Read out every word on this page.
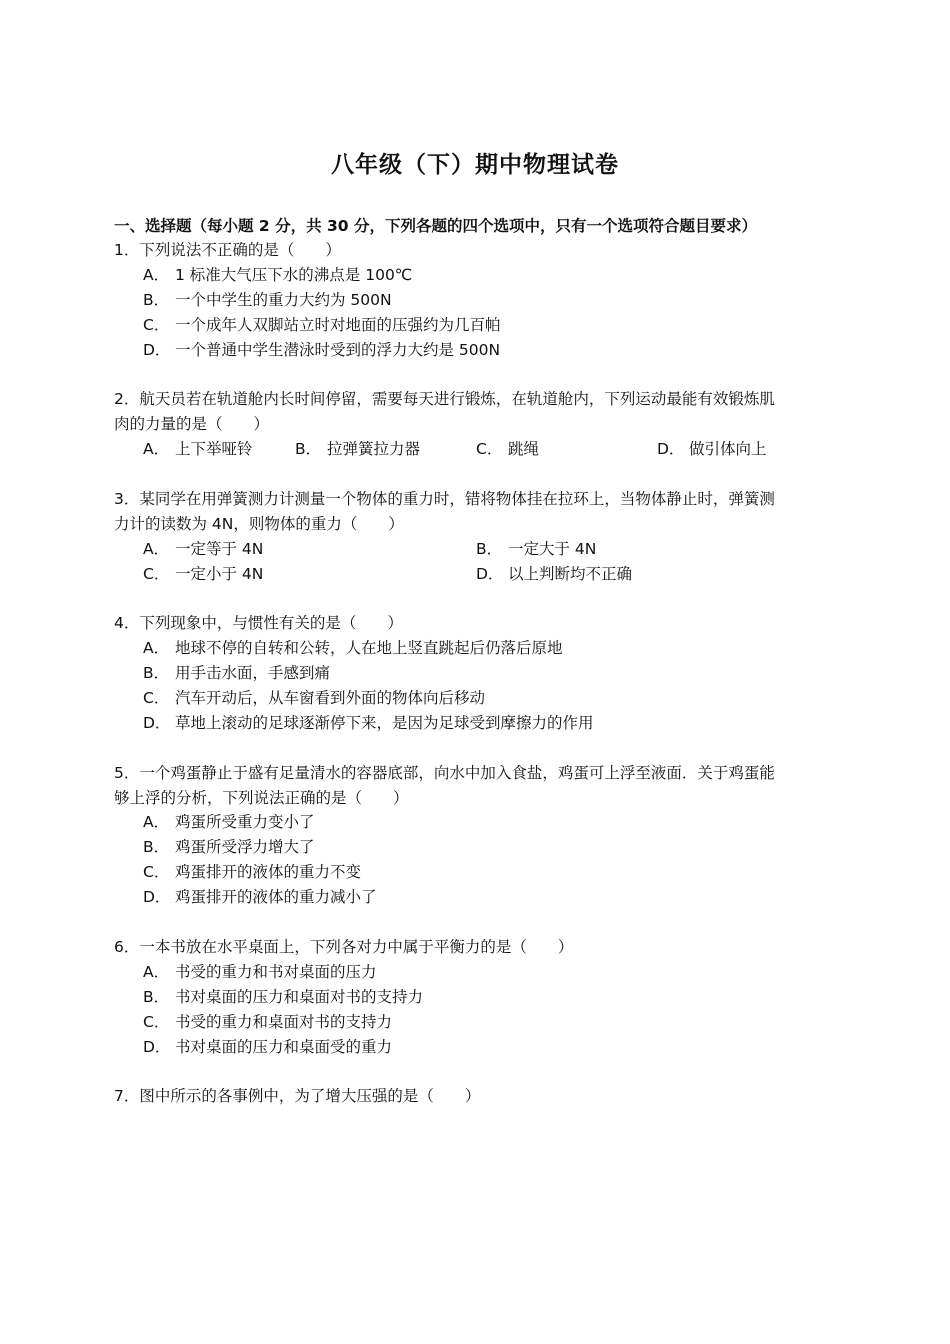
八年级（下）期中物理试卷
一、选择题（每小题 2 分，共 30 分，下列各题的四个选项中，只有一个选项符合题目要求）
1．下列说法不正确的是（　　）
A． 1 标准大气压下水的沸点是 100℃
B． 一个中学生的重力大约为 500N
C． 一个成年人双脚站立时对地面的压强约为几百帕
D． 一个普通中学生潜泳时受到的浮力大约是 500N
2．航天员若在轨道舱内长时间停留，需要每天进行锻炼，在轨道舱内，下列运动最能有效锻炼肌
肉的力量的是（　　）
A． 上下举哑铃	B． 拉弹簧拉力器	C． 跳绳	D． 做引体向上
3．某同学在用弹簧测力计测量一个物体的重力时，错将物体挂在拉环上，当物体静止时，弹簧测
力计的读数为 4N，则物体的重力（　　）
A． 一定等于 4N	B． 一定大于 4N
C． 一定小于 4N	D． 以上判断均不正确
4．下列现象中，与惯性有关的是（　　）
A． 地球不停的自转和公转，人在地上竖直跳起后仍落后原地
B． 用手击水面，手感到痛
C． 汽车开动后，从车窗看到外面的物体向后移动
D． 草地上滚动的足球逐渐停下来，是因为足球受到摩擦力的作用
5．一个鸡蛋静止于盛有足量清水的容器底部，向水中加入食盐，鸡蛋可上浮至液面．关于鸡蛋能
够上浮的分析，下列说法正确的是（　　）
A． 鸡蛋所受重力变小了
B． 鸡蛋所受浮力增大了
C． 鸡蛋排开的液体的重力不变
D． 鸡蛋排开的液体的重力减小了
6．一本书放在水平桌面上，下列各对力中属于平衡力的是（　　）
A． 书受的重力和书对桌面的压力
B． 书对桌面的压力和桌面对书的支持力
C． 书受的重力和桌面对书的支持力
D． 书对桌面的压力和桌面受的重力
7．图中所示的各事例中，为了增大压强的是（　　）
